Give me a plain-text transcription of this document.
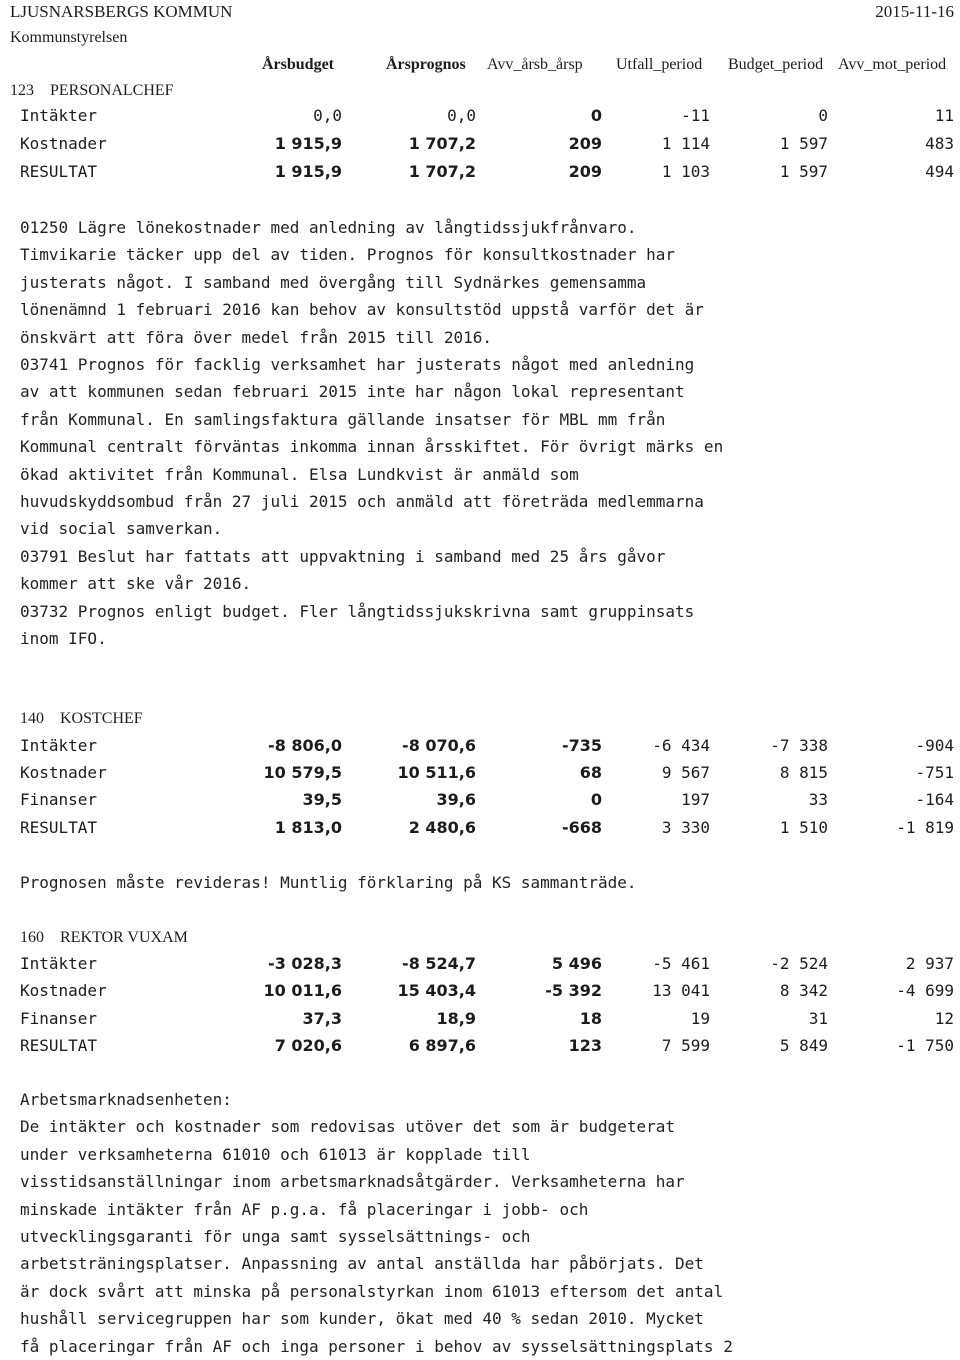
LJUSNARSBERGS KOMMUN
Kommunstyrelsen
2015-11-16
Årsbudget	Årsprognos Avv_årsb_årsp Utfall_period Budget_period Avv_mot_period
123 PERSONALCHEF
Intäkter	0,0	0,0	0	-11	0	11
Kostnader	1 915,9	1 707,2	209	1 114	1 597	483
RESULTAT	1 915,9	1 707,2	209	1 103	1 597	494
01250 Lägre lönekostnader med anledning av långtidssjukfrånvaro.
Timvikarie täcker upp del av tiden. Prognos för konsultkostnader har
justerats något. I samband med övergång till Sydnärkes gemensamma
lönenämnd 1 februari 2016 kan behov av konsultstöd uppstå varför det är
önskvärt att föra över medel från 2015 till 2016.
03741 Prognos för facklig verksamhet har justerats något med anledning
av att kommunen sedan februari 2015 inte har någon lokal representant
från Kommunal. En samlingsfaktura gällande insatser för MBL mm från
Kommunal centralt förväntas inkomma innan årsskiftet. För övrigt märks en
ökad aktivitet från Kommunal. Elsa Lundkvist är anmäld som
huvudskyddsombud från 27 juli 2015 och anmäld att företräda medlemmarna
vid social samverkan.
03791 Beslut har fattats att uppvaktning i samband med 25 års gåvor
kommer att ske vår 2016.
03732 Prognos enligt budget. Fler långtidssjukskrivna samt gruppinsats
inom IFO.
140 KOSTCHEF
Intäkter	-8 806,0	-8 070,6	-735	-6 434	-7 338	-904
Kostnader	10 579,5	10 511,6	68	9 567	8 815	-751
Finanser	39,5	39,6	0	197	33	-164
RESULTAT	1 813,0	2 480,6	-668	3 330	1 510	-1 819
Prognosen måste revideras! Muntlig förklaring på KS sammanträde.
160 REKTOR VUXAM
Intäkter	-3 028,3	-8 524,7	5 496	-5 461	-2 524	2 937
Kostnader	10 011,6	15 403,4	-5 392	13 041	8 342	-4 699
Finanser	37,3	18,9	18	19	31	12
RESULTAT	7 020,6	6 897,6	123	7 599	5 849	-1 750
Arbetsmarknadsenheten:
De intäkter och kostnader som redovisas utöver det som är budgeterat
under verksamheterna 61010 och 61013 är kopplade till
visstidsanställningar inom arbetsmarknadsåtgärder. Verksamheterna har
minskade intäkter från AF p.g.a. få placeringar i jobb- och
utvecklingsgaranti för unga samt sysselsättnings- och
arbetsträningsplatser. Anpassning av antal anställda har påbörjats. Det
är dock svårt att minska på personalstyrkan inom 61013 eftersom det antal
hushåll servicegruppen har som kunder, ökat med 40 % sedan 2010. Mycket
få placeringar från AF och inga personer i behov av sysselsättningsplats 2
